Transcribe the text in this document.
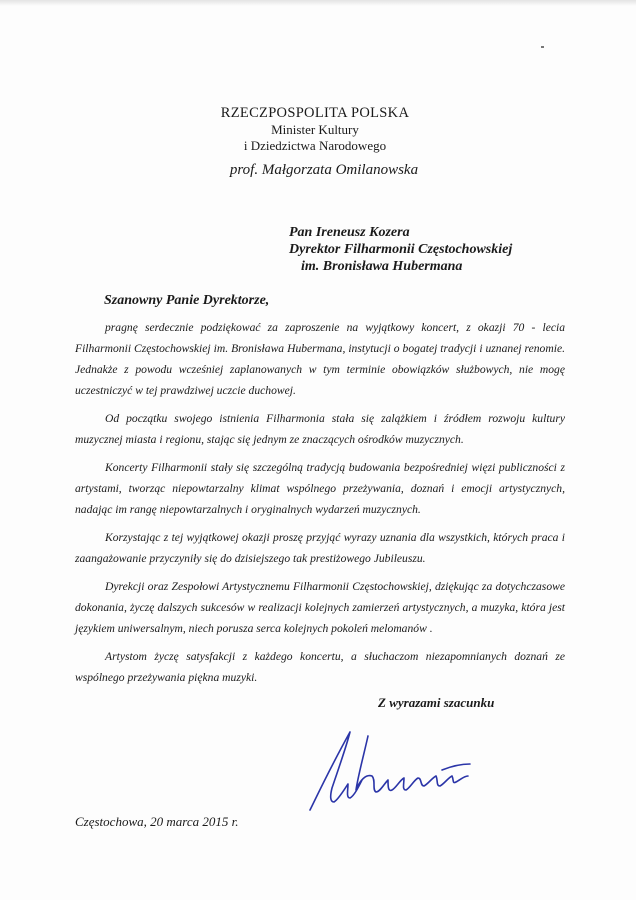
RZECZPOSPOLITA POLSKA
Minister Kultury
i Dziedzictwa Narodowego
prof. Małgorzata Omilanowska
Pan Ireneusz Kozera
Dyrektor Filharmonii Częstochowskiej
im. Bronisława Hubermana
Szanowny Panie Dyrektorze,

pragnę serdecznie podziękować za zaproszenie na wyjątkowy koncert, z okazji 70 - lecia Filharmonii Częstochowskiej im. Bronisława Hubermana, instytucji o bogatej tradycji i uznanej renomie. Jednakże z powodu wcześniej zaplanowanych w tym terminie obowiązków służbowych, nie mogę uczestniczyć w tej prawdziwej uczcie duchowej.

Od początku swojego istnienia Filharmonia stała się zalążkiem i źródłem rozwoju kultury muzycznej miasta i regionu, stając się jednym ze znaczących ośrodków muzycznych.

Koncerty Filharmonii stały się szczególną tradycją budowania bezpośredniej więzi publiczności z artystami, tworząc niepowtarzalny klimat wspólnego przeżywania, doznań i emocji artystycznych, nadając im rangę niepowtarzalnych i oryginalnych wydarzeń muzycznych.

Korzystając z tej wyjątkowej okazji proszę przyjąć wyrazy uznania dla wszystkich, których praca i zaangażowanie przyczyniły się do dzisiejszego tak prestiżowego Jubileuszu.

Dyrekcji oraz Zespołowi Artystycznemu Filharmonii Częstochowskiej, dziękując za dotychczasowe dokonania, życzę dalszych sukcesów w realizacji kolejnych zamierzeń artystycznych, a muzyka, która jest językiem uniwersalnym, niech porusza serca kolejnych pokoleń melomanów .

Artystom życzę satysfakcji z każdego koncertu, a słuchaczom niezapomnianych doznań ze wspólnego przeżywania piękna muzyki.

Z wyrazami szacunku
Częstochowa, 20 marca 2015 r.
